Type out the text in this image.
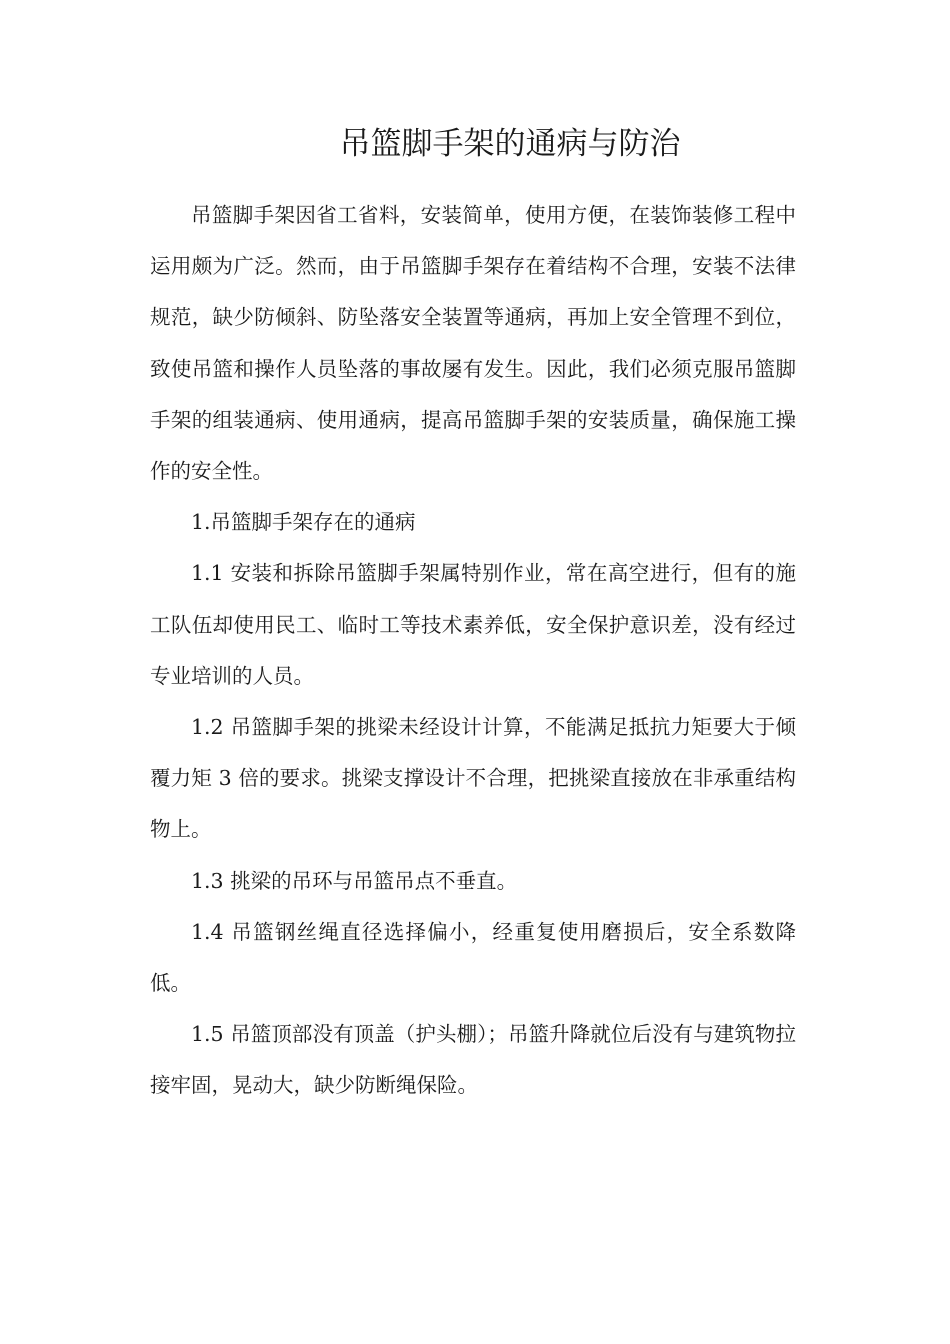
吊篮脚手架的通病与防治

吊篮脚手架因省工省料，安装简单，使用方便，在装饰装修工程中运用颇为广泛。然而，由于吊篮脚手架存在着结构不合理，安装不法律规范，缺少防倾斜、防坠落安全装置等通病，再加上安全管理不到位，致使吊篮和操作人员坠落的事故屡有发生。因此，我们必须克服吊篮脚手架的组装通病、使用通病，提高吊篮脚手架的安装质量，确保施工操作的安全性。

1.吊篮脚手架存在的通病

1.1 安装和拆除吊篮脚手架属特别作业，常在高空进行，但有的施工队伍却使用民工、临时工等技术素养低，安全保护意识差，没有经过专业培训的人员。

1.2 吊篮脚手架的挑梁未经设计计算，不能满足抵抗力矩要大于倾覆力矩 3 倍的要求。挑梁支撑设计不合理，把挑梁直接放在非承重结构物上。

1.3 挑梁的吊环与吊篮吊点不垂直。

1.4 吊篮钢丝绳直径选择偏小，经重复使用磨损后，安全系数降低。

1.5 吊篮顶部没有顶盖（护头棚）；吊篮升降就位后没有与建筑物拉接牢固，晃动大，缺少防断绳保险。
